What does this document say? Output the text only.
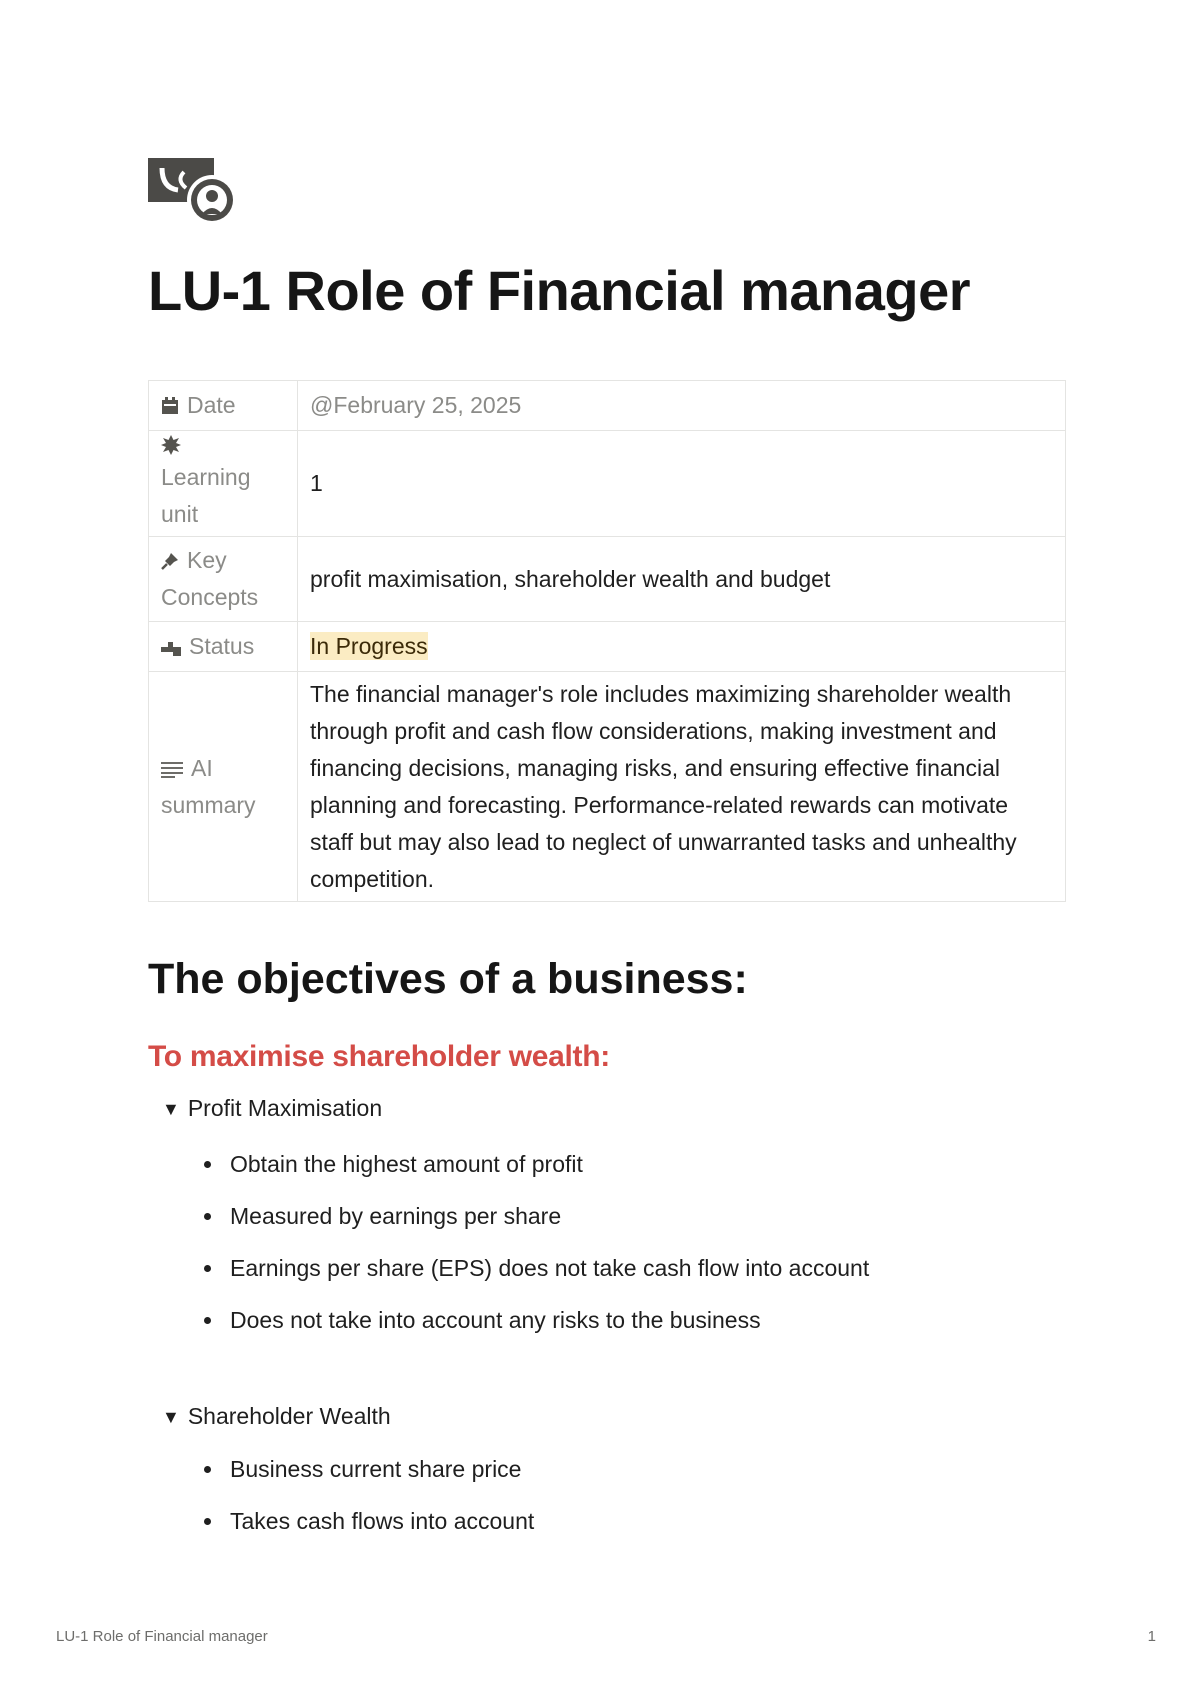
LU-1 Role of Financial manager
Date	@February 25, 2025

Learning unit	1
Key Concepts	profit maximisation, shareholder wealth and budget
Status	In Progress
AI summary	The financial manager's role includes maximizing shareholder wealth through profit and cash flow considerations, making investment and financing decisions, managing risks, and ensuring effective financial planning and forecasting. Performance-related rewards can motivate staff but may also lead to neglect of unwarranted tasks and unhealthy competition.
The objectives of a business:
To maximise shareholder wealth:
▼ Profit Maximisation
Obtain the highest amount of profit
Measured by earnings per share
Earnings per share (EPS) does not take cash flow into account
Does not take into account any risks to the business
▼ Shareholder Wealth
Business current share price
Takes cash flows into account
LU-1 Role of Financial manager	1
